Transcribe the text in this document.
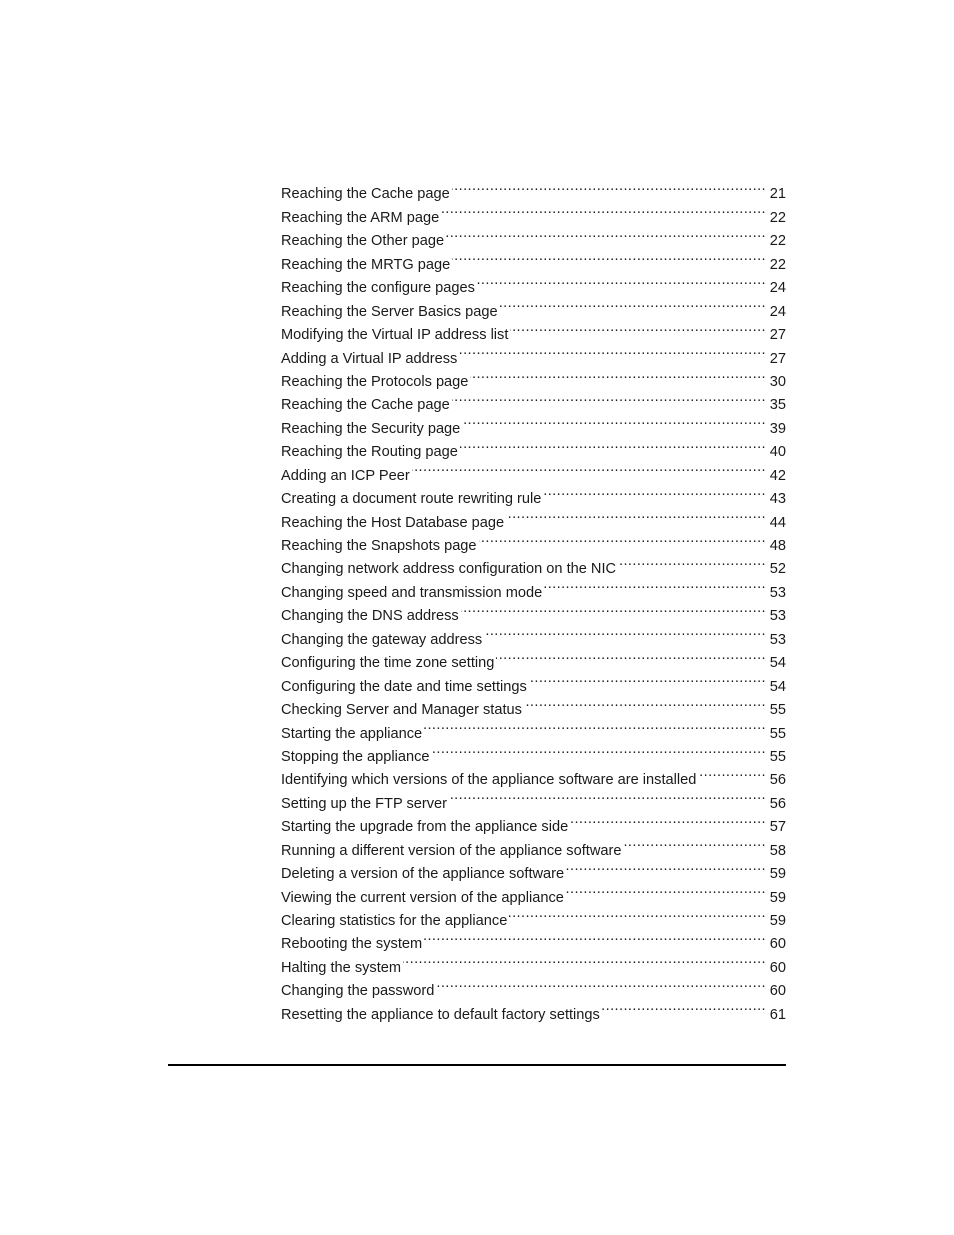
Reaching the Cache page .....	21
Reaching the ARM page .....	22
Reaching the Other page .....	22
Reaching the MRTG page .....	22
Reaching the configure pages .....	24
Reaching the Server Basics page .....	24
Modifying the Virtual IP address list .....	27
Adding a Virtual IP address .....	27
Reaching the Protocols page .....	30
Reaching the Cache page .....	35
Reaching the Security page .....	39
Reaching the Routing page .....	40
Adding an ICP Peer .....	42
Creating a document route rewriting rule .....	43
Reaching the Host Database page .....	44
Reaching the Snapshots page .....	48
Changing network address configuration on the NIC .....	52
Changing speed and transmission mode .....	53
Changing the DNS address .....	53
Changing the gateway address .....	53
Configuring the time zone setting .....	54
Configuring the date and time settings .....	54
Checking Server and Manager status .....	55
Starting the appliance .....	55
Stopping the appliance .....	55
Identifying which versions of the appliance software are installed .....	56
Setting up the FTP server .....	56
Starting the upgrade from the appliance side .....	57
Running a different version of the appliance software .....	58
Deleting a version of the appliance software .....	59
Viewing the current version of the appliance .....	59
Clearing statistics for the appliance .....	59
Rebooting the system .....	60
Halting the system .....	60
Changing the password .....	60
Resetting the appliance to default factory settings .....	61
